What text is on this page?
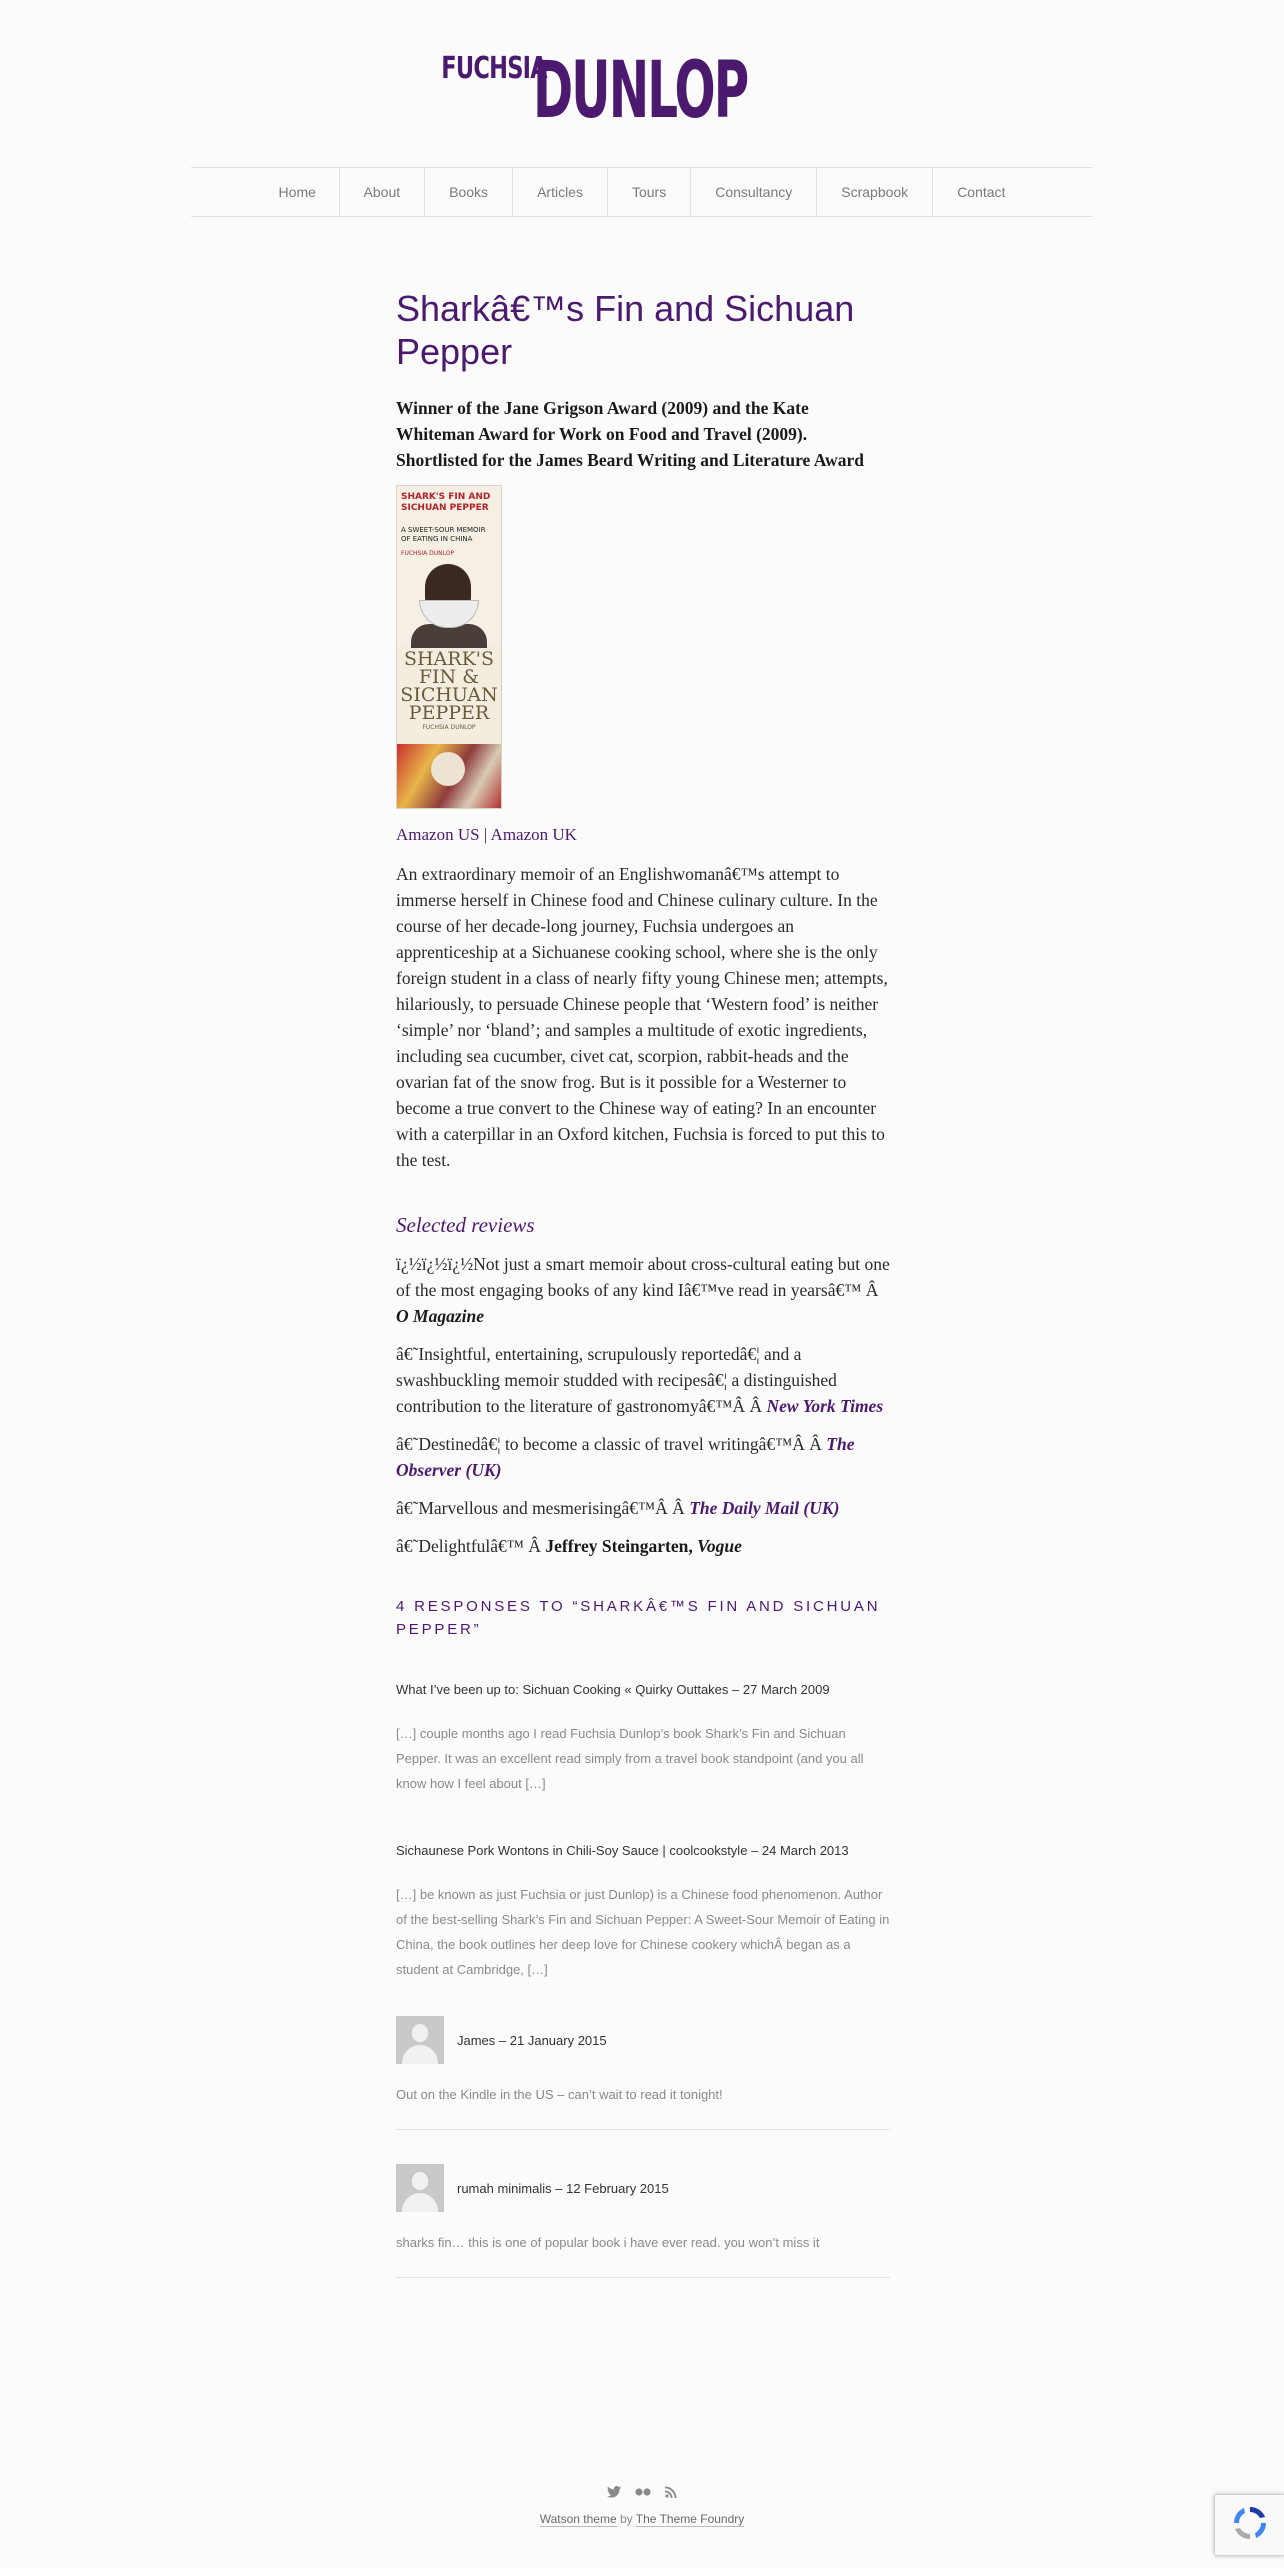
FUCHSIADUNLOP
Home	About	Books	Articles	Tours	Consultancy	Scrapbook	Contact
Sharkâ€™s Fin and Sichuan Pepper

Winner of the Jane Grigson Award (2009) and the Kate Whiteman Award for Work on Food and Travel (2009). Shortlisted for the James Beard Writing and Literature Award

SHARK'S FIN AND SICHUAN PEPPER
A SWEET-SOUR MEMOIR OF EATING IN CHINA
FUCHSIA DUNLOP
SHARK'S FIN & SICHUAN PEPPER
FUCHSIA DUNLOP
Amazon US | Amazon UK

An extraordinary memoir of an Englishwomanâ€™s attempt to immerse herself in Chinese food and Chinese culinary culture. In the course of her decade-long journey, Fuchsia undergoes an apprenticeship at a Sichuanese cooking school, where she is the only foreign student in a class of nearly fifty young Chinese men; attempts, hilariously, to persuade Chinese people that ‘Western food’ is neither ‘simple’ nor ‘bland’; and samples a multitude of exotic ingredients, including sea cucumber, civet cat, scorpion, rabbit-heads and the ovarian fat of the snow frog. But is it possible for a Westerner to become a true convert to the Chinese way of eating? In an encounter with a caterpillar in an Oxford kitchen, Fuchsia is forced to put this to the test.

Selected reviews

ï¿½ï¿½ï¿½Not just a smart memoir about cross-cultural eating but one of the most engaging books of any kind Iâ€™ve read in yearsâ€™ Â O Magazine

â€˜Insightful, entertaining, scrupulously reportedâ€¦ and a swashbuckling memoir studded with recipesâ€¦ a distinguished contribution to the literature of gastronomyâ€™Â Â New York Times

â€˜Destinedâ€¦ to become a classic of travel writingâ€™Â Â The Observer (UK)

â€˜Marvellous and mesmerisingâ€™Â Â The Daily Mail (UK)

â€˜Delightfulâ€™ Â Jeffrey Steingarten, Vogue

4 RESPONSES TO “SHARKÂ€™S FIN AND SICHUAN PEPPER”
What I’ve been up to: Sichuan Cooking « Quirky Outtakes – 27 March 2009
[…] couple months ago I read Fuchsia Dunlop’s book Shark’s Fin and Sichuan Pepper. It was an excellent read simply from a travel book standpoint (and you all know how I feel about […]
Sichaunese Pork Wontons in Chili-Soy Sauce | coolcookstyle – 24 March 2013
[…] be known as just Fuchsia or just Dunlop) is a Chinese food phenomenon. Author of the best-selling Shark’s Fin and Sichuan Pepper: A Sweet-Sour Memoir of Eating in China, the book outlines her deep love for Chinese cookery whichÂ began as a student at Cambridge, […]
James – 21 January 2015
Out on the Kindle in the US – can’t wait to read it tonight!
rumah minimalis – 12 February 2015
sharks fin… this is one of popular book i have ever read. you won’t miss it
Watson theme by The Theme Foundry
